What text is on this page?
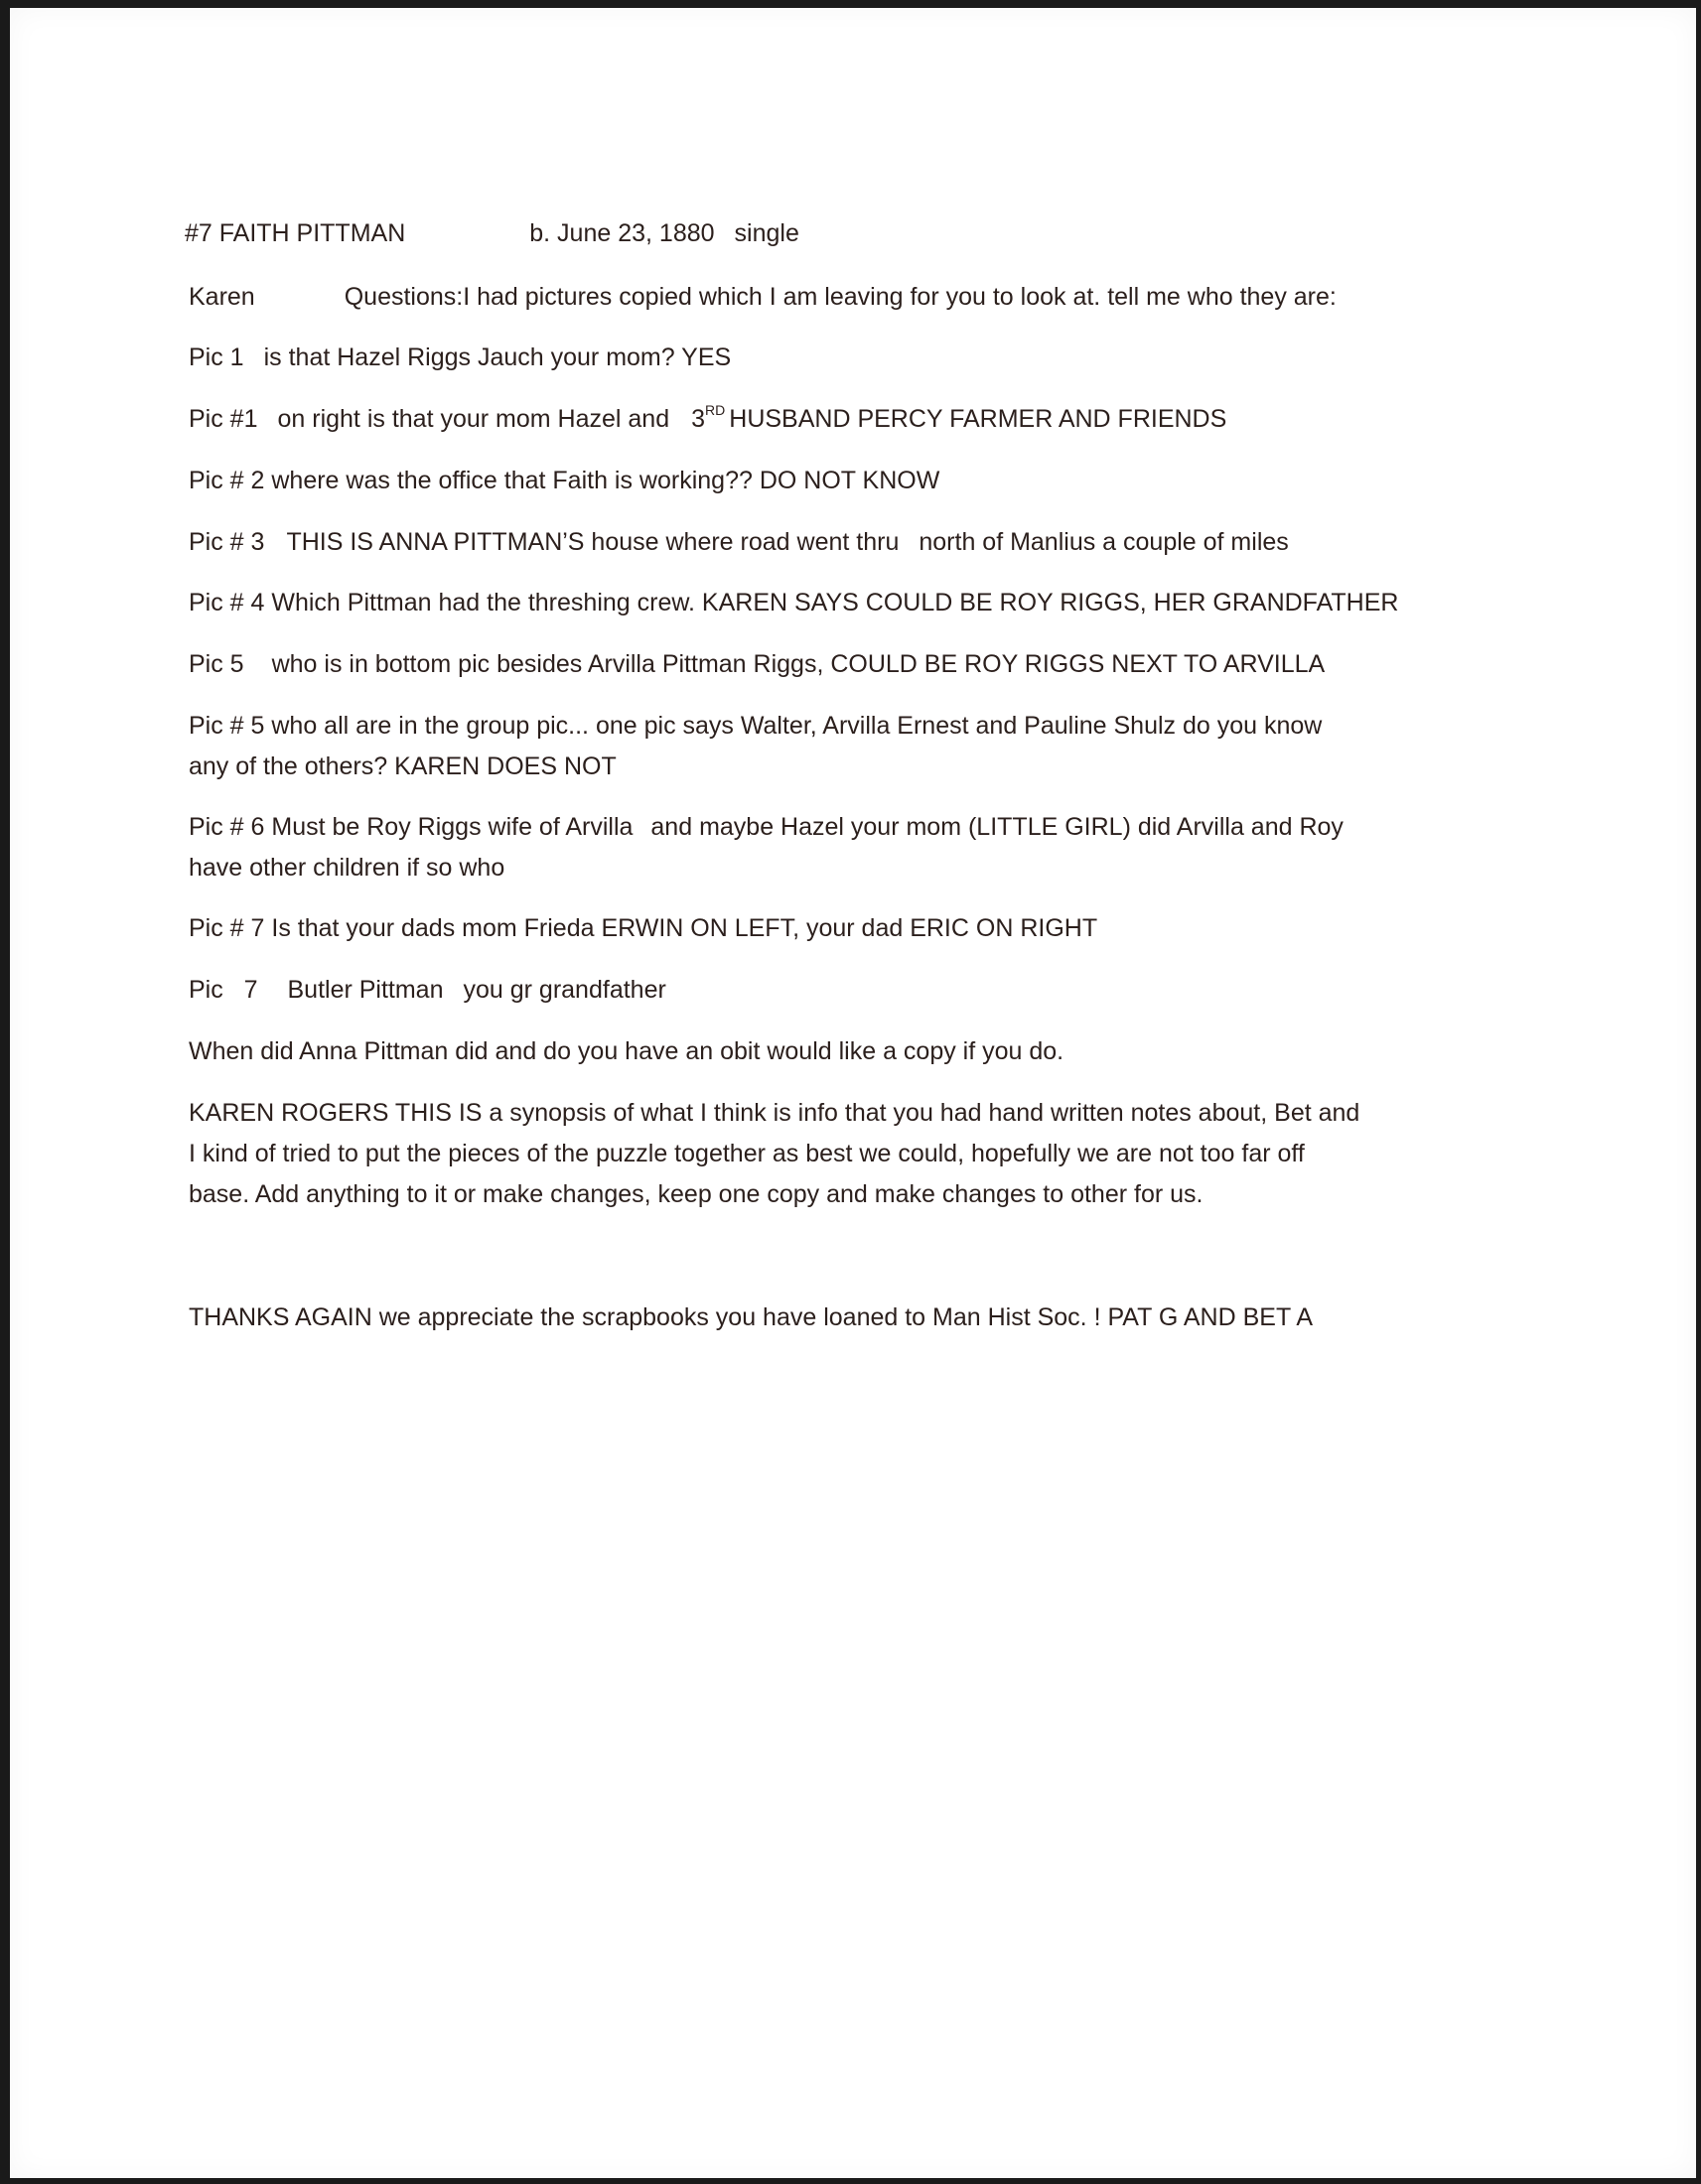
#7 FAITH PITTMAN	b. June 23, 1880 single
Karen	Questions:I had pictures copied which I am leaving for you to look at. tell me who they are:
Pic 1 is that Hazel Riggs Jauch your mom? YES
Pic #1 on right is that your mom Hazel and 3RD HUSBAND PERCY FARMER AND FRIENDS
Pic # 2 where was the office that Faith is working?? DO NOT KNOW
Pic # 3 THIS IS ANNA PITTMAN’S house where road went thru north of Manlius a couple of miles
Pic # 4 Which Pittman had the threshing crew. KAREN SAYS COULD BE ROY RIGGS, HER GRANDFATHER
Pic 5 who is in bottom pic besides Arvilla Pittman Riggs, COULD BE ROY RIGGS NEXT TO ARVILLA
Pic # 5 who all are in the group pic... one pic says Walter, Arvilla Ernest and Pauline Shulz do you know
any of the others? KAREN DOES NOT
Pic # 6 Must be Roy Riggs wife of Arvilla and maybe Hazel your mom (LITTLE GIRL) did Arvilla and Roy
have other children if so who
Pic # 7 Is that your dads mom Frieda ERWIN ON LEFT, your dad ERIC ON RIGHT
Pic   7 Butler Pittman you gr grandfather
When did Anna Pittman did and do you have an obit would like a copy if you do.
KAREN ROGERS THIS IS a synopsis of what I think is info that you had hand written notes about, Bet and
I kind of tried to put the pieces of the puzzle together as best we could, hopefully we are not too far off
base. Add anything to it or make changes, keep one copy and make changes to other for us.
THANKS AGAIN we appreciate the scrapbooks you have loaned to Man Hist Soc. ! PAT G AND BET A
